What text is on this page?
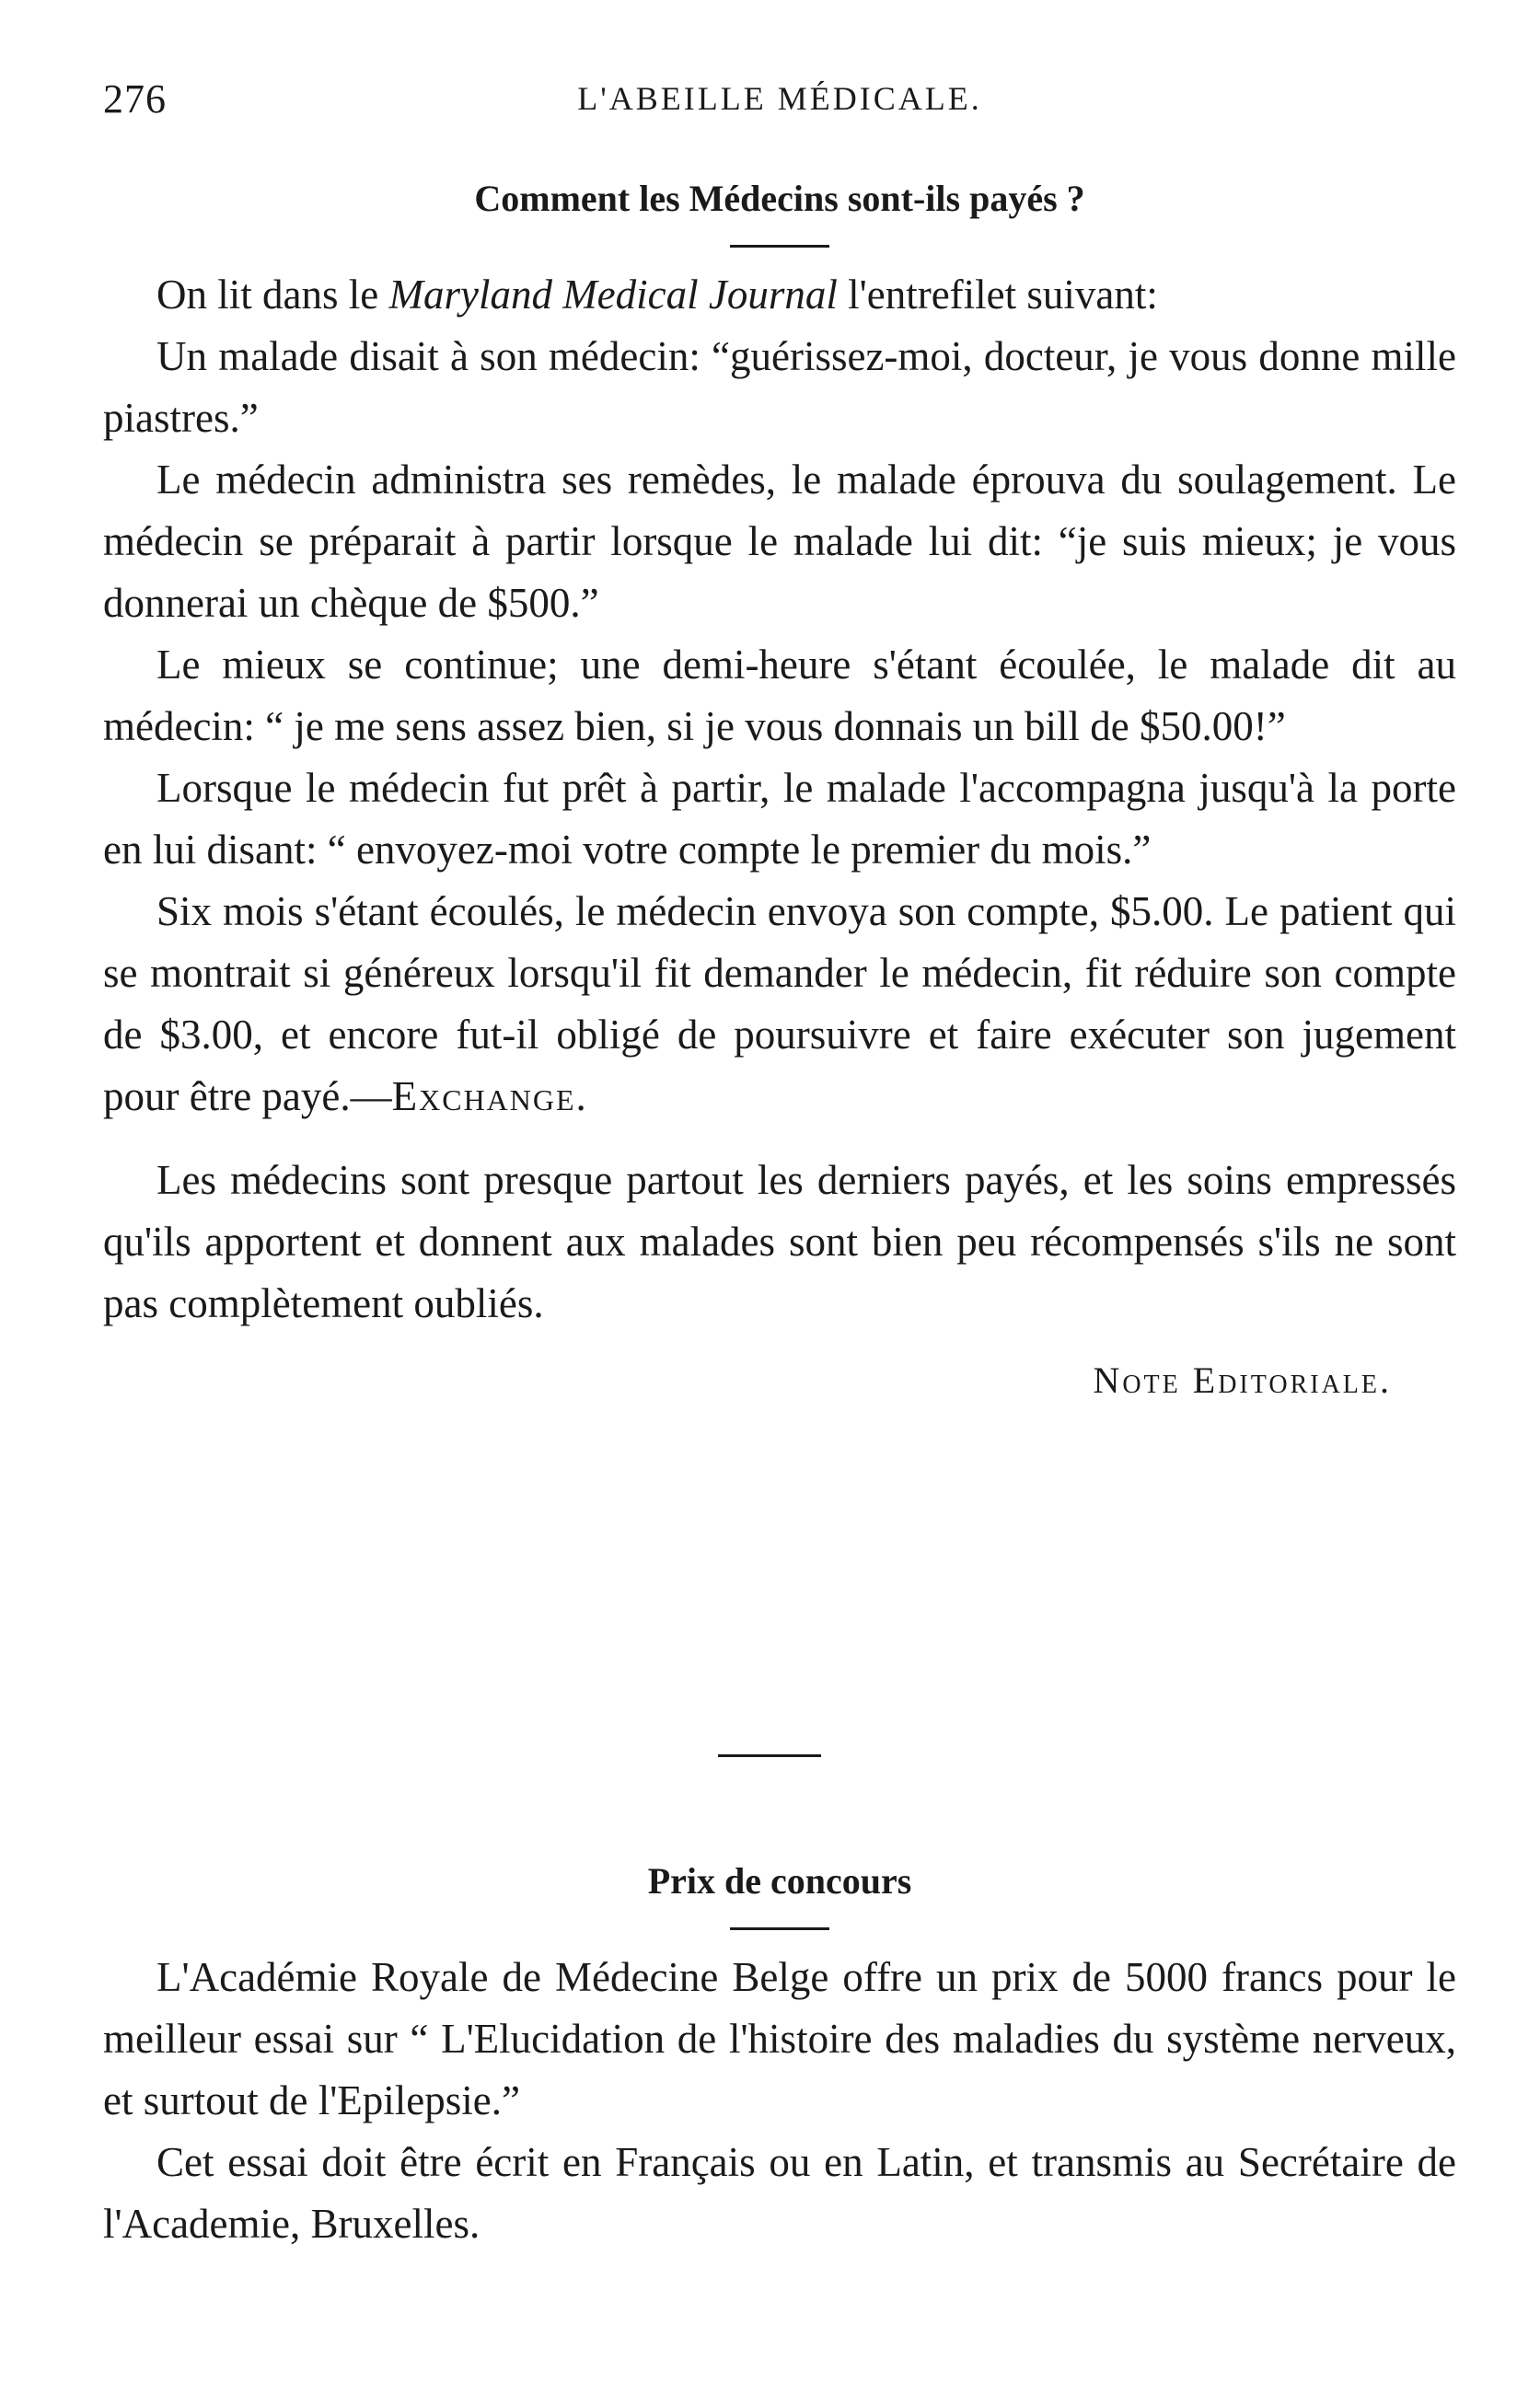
276	L'ABEILLE MÉDICALE.
Comment les Médecins sont-ils payés ?

On lit dans le Maryland Medical Journal l'entrefilet suivant:

Un malade disait à son médecin: “guérissez-moi, docteur, je vous donne mille piastres.”

Le médecin administra ses remèdes, le malade éprouva du soulagement. Le médecin se préparait à partir lorsque le malade lui dit: “je suis mieux; je vous donnerai un chèque de $500.”

Le mieux se continue; une demi-heure s'étant écoulée, le malade dit au médecin: “ je me sens assez bien, si je vous donnais un bill de $50.00!”

Lorsque le médecin fut prêt à partir, le malade l'accompagna jusqu'à la porte en lui disant: “ envoyez-moi votre compte le premier du mois.”

Six mois s'étant écoulés, le médecin envoya son compte, $5.00. Le patient qui se montrait si généreux lorsqu'il fit demander le médecin, fit réduire son compte de $3.00, et encore fut-il obligé de poursuivre et faire exécuter son jugement pour être payé.—Exchange.

Les médecins sont presque partout les derniers payés, et les soins empressés qu'ils apportent et donnent aux malades sont bien peu récompensés s'ils ne sont pas complètement oubliés.

Note Editoriale.
Prix de concours

L'Académie Royale de Médecine Belge offre un prix de 5000 francs pour le meilleur essai sur “ L'Elucidation de l'histoire des maladies du système nerveux, et surtout de l'Epilepsie.”

Cet essai doit être écrit en Français ou en Latin, et transmis au Secrétaire de l'Academie, Bruxelles.
